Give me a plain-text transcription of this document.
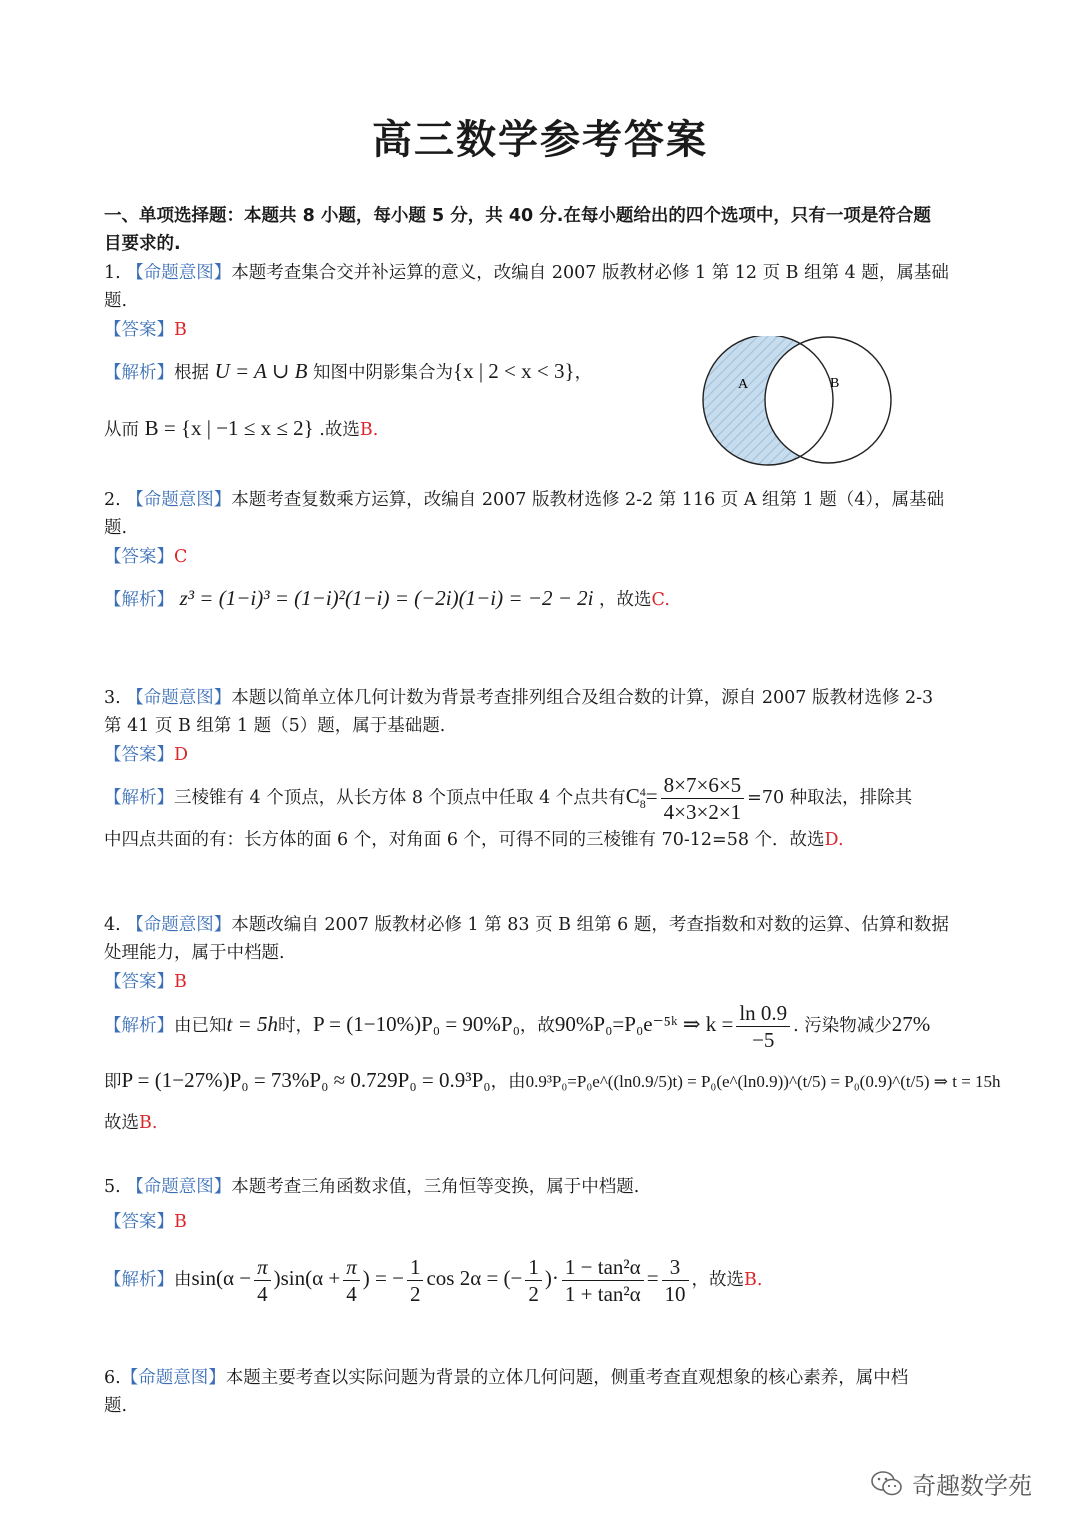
高三数学参考答案
一、单项选择题：本题共 8 小题，每小题 5 分，共 40 分.在每小题给出的四个选项中，只有一项是符合题
目要求的.
1. 【命题意图】本题考查集合交并补运算的意义，改编自 2007 版教材必修 1 第 12 页 B 组第 4 题，属基础
题.
【答案】B
【解析】根据 U = A ∪ B 知图中阴影集合为{x | 2 < x < 3}，
从而 B = {x | −1 ≤ x ≤ 2} .故选B.
A	B
2. 【命题意图】本题考查复数乘方运算，改编自 2007 版教材选修 2-2 第 116 页 A 组第 1 题（4），属基础
题.
【答案】C
【解析】 z³ = (1−i)³ = (1−i)²(1−i) = (−2i)(1−i) = −2 − 2i ，故选C.
3. 【命题意图】本题以简单立体几何计数为背景考查排列组合及组合数的计算，源自 2007 版教材选修 2-3
第 41 页 B 组第 1 题（5）题，属于基础题.
【答案】D
【解析】三棱锥有 4 个顶点，从长方体 8 个顶点中任取 4 个点共有C 4
$8 = \frac{8\times 7\times 6\times 5}{4\times 3\times 2\times 1} =70$ 种取法，排除其
中四点共面的有：长方体的面 6 个，对角面 6 个，可得不同的三棱锥有 70-12=58 个．故选D.
4. 【命题意图】本题改编自 2007 版教材必修 1 第 83 页 B 组第 6 题，考查指数和对数的运算、估算和数据
处理能力，属于中档题.
【答案】B
【解析】由已知t = 5h时，P = (1−10%)P₀ = 90%P₀，故90%P₀=P₀e⁻⁵ᵏ ⇒ $k = \frac{\ln 0.9}{-5}$ . 污染物减少27%
即P = (1−27%)P₀ = 73%P₀ ≈ 0.729P₀ = 0.9³P₀，由0.9³P₀=P₀e^((ln0.9/5)t) = P₀(e^(ln0.9))^(t/5) = P₀(0.9)^(t/5) ⇒ t = 15h
故选B.
5. 【命题意图】本题考查三角函数求值，三角恒等变换，属于中档题.
【答案】B
【解析】由$\sin(\alpha - \frac{\pi}{4} )\sin(\alpha + \frac{\pi}{4}$ ) = − $\frac{1}{2}$ cos 2α = (− $\frac{1}{2}$ )· $\frac{\text{1 − tan²α}}{\text{1 + tan²α}} = \frac{3}{10}$ ，故选B.
6.【命题意图】本题主要考查以实际问题为背景的立体几何问题，侧重考查直观想象的核心素养，属中档
题.
奇趣数学苑
